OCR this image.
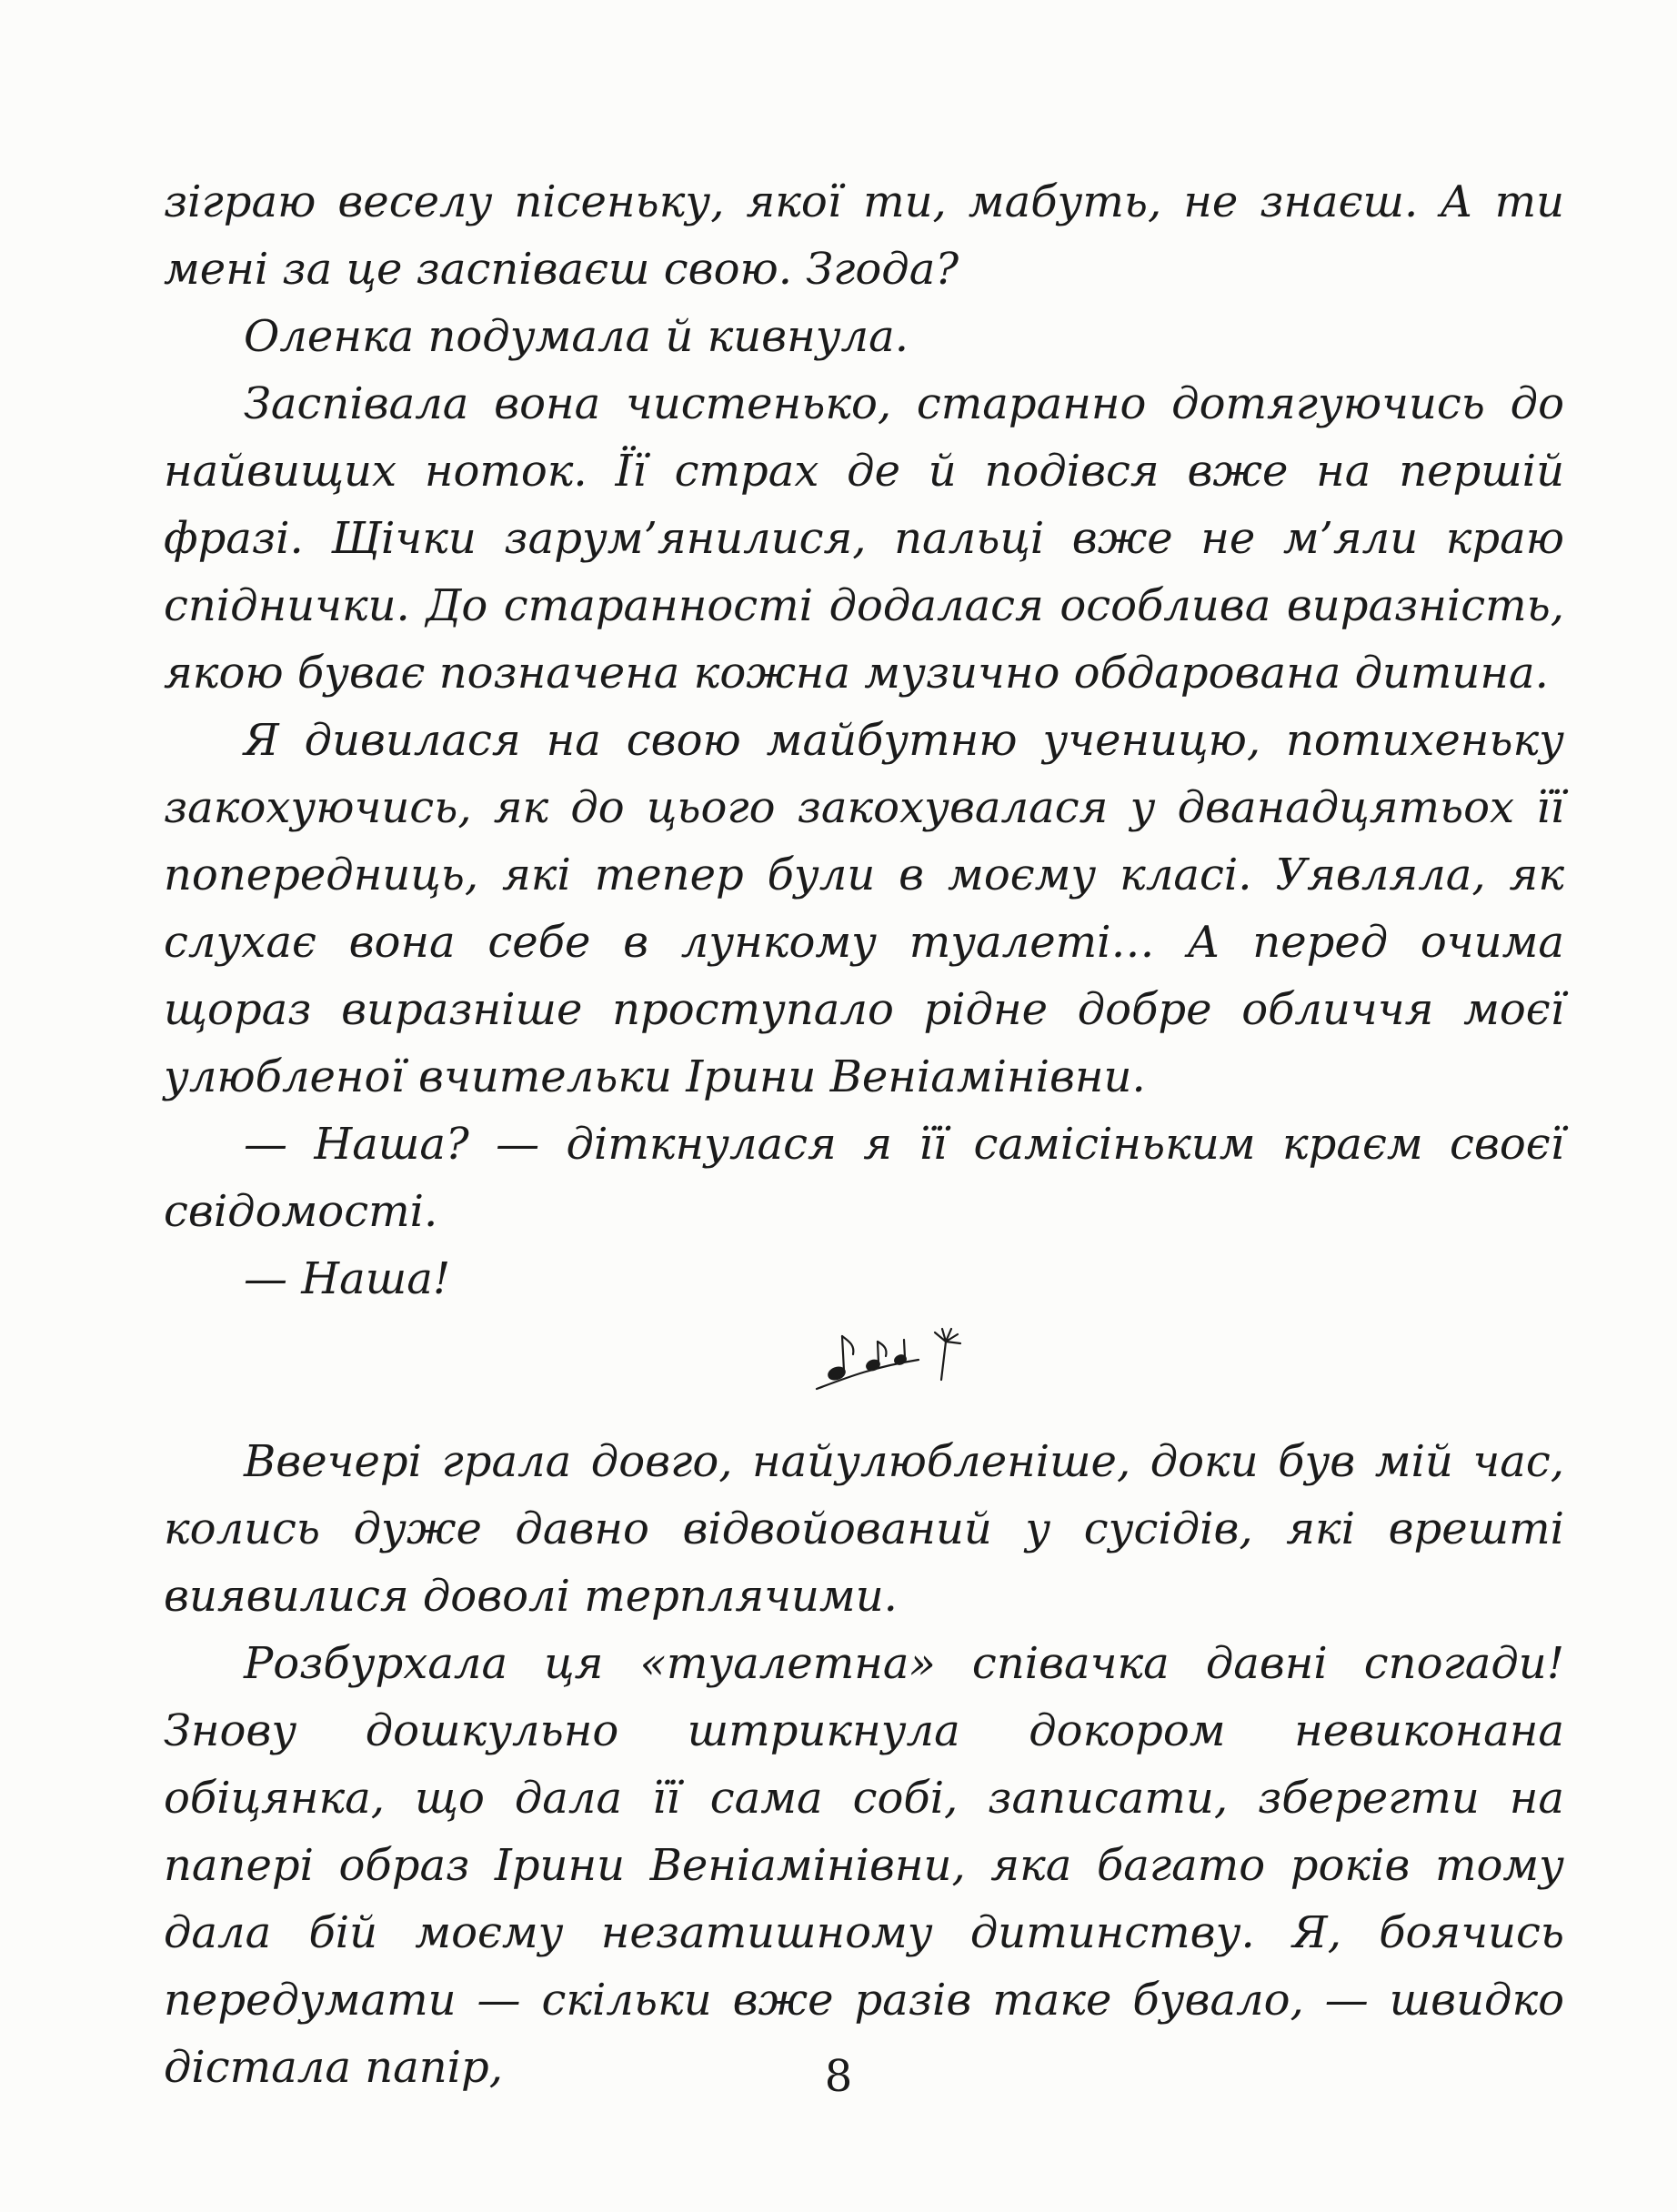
зіграю веселу пісеньку, якої ти, мабуть, не знаєш. А ти мені за це заспіваєш свою. Згода?

Оленка подумала й кивнула.

Заспівала вона чистенько, старанно дотягуючись до найвищих ноток. Її страх де й подівся вже на першій фразі. Щічки зарум’янилися, пальці вже не м’яли краю спіднички. До старанності додалася особлива виразність, якою буває позначена кожна музично обдарована дитина.

Я дивилася на свою майбутню ученицю, потихеньку закохуючись, як до цього закохувалася у дванадцятьох її попередниць, які тепер були в моєму класі. Уявляла, як слухає вона себе в лункому туалеті… А перед очима щораз виразніше проступало рідне добре обличчя моєї улюбленої вчительки Ірини Веніамінівни.

— Наша? — діткнулася я її самісіньким краєм своєї свідомості.

— Наша!

Ввечері грала довго, найулюбленіше, доки був мій час, колись дуже давно відвойований у сусідів, які врешті виявилися доволі терплячими.

Розбурхала ця «туалетна» співачка давні спогади! Знову дошкульно штрикнула докором невиконана обіцянка, що дала її сама собі, записати, зберегти на папері образ Ірини Веніамінівни, яка багато років тому дала бій моєму незатишному дитинству. Я, боячись передумати — скільки вже разів таке бувало, — швидко дістала папір,	8
